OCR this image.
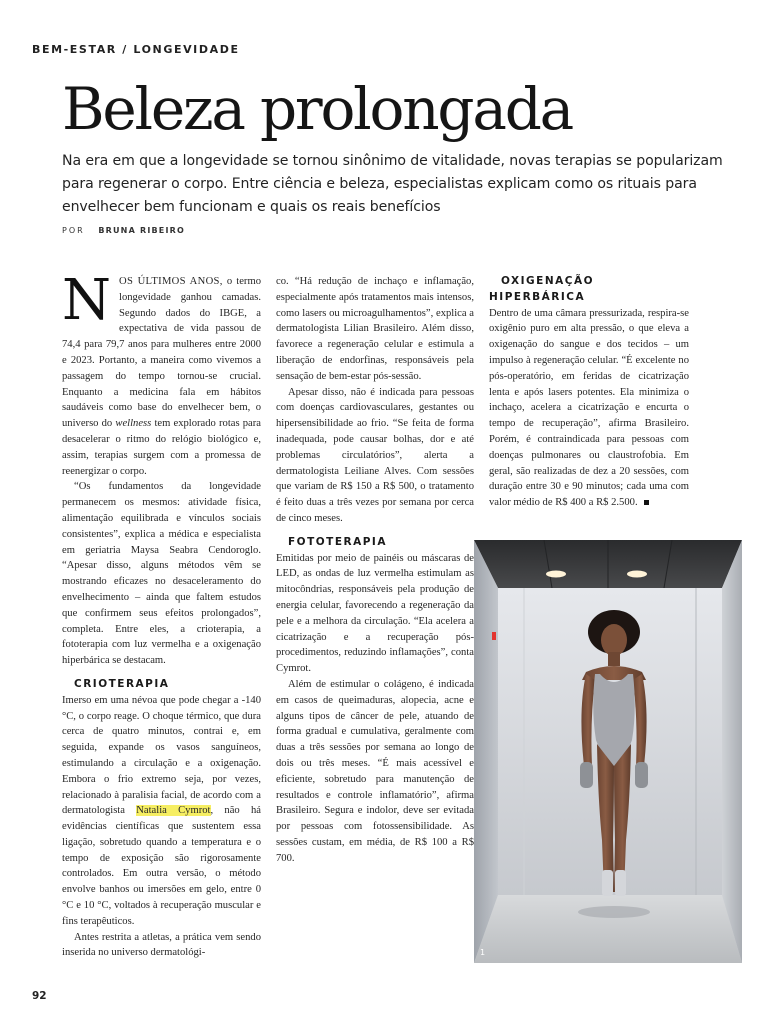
BEM-ESTAR / LONGEVIDADE
Beleza prolongada

Na era em que a longevidade se tornou sinônimo de vitalidade, novas terapias se popularizam para regenerar o corpo. Entre ciência e beleza, especialistas explicam como os rituais para envelhecer bem funcionam e quais os reais benefícios

POR BRUNA RIBEIRO

NOS ÚLTIMOS ANOS, o termo longevidade ganhou camadas. Segundo dados do IBGE, a expectativa de vida passou de 74,4 para 79,7 anos para mulheres entre 2000 e 2023. Portanto, a maneira como vivemos a passagem do tempo tornou-se crucial. Enquanto a medicina fala em hábitos saudáveis como base do envelhecer bem, o universo do wellness tem explorado rotas para desacelerar o ritmo do relógio biológico e, assim, terapias surgem com a promessa de reenergizar o corpo.

“Os fundamentos da longevidade permanecem os mesmos: atividade física, alimentação equilibrada e vínculos sociais consistentes”, explica a médica e especialista em geriatria Maysa Seabra Cendoroglo. “Apesar disso, alguns métodos vêm se mostrando eficazes no desaceleramento do envelhecimento – ainda que faltem estudos que confirmem seus efeitos prolongados”, completa. Entre eles, a crioterapia, a fototerapia com luz vermelha e a oxigenação hiperbárica se destacam.

CRIOTERAPIA

Imerso em uma névoa que pode chegar a -140 °C, o corpo reage. O choque térmico, que dura cerca de quatro minutos, contrai e, em seguida, expande os vasos sanguíneos, estimulando a circulação e a oxigenação. Embora o frio extremo seja, por vezes, relacionado à paralisia facial, de acordo com a dermatologista Natalia Cymrot, não há evidências científicas que sustentem essa ligação, sobretudo quando a temperatura e o tempo de exposição são rigorosamente controlados. Em outra versão, o método envolve banhos ou imersões em gelo, entre 0 °C e 10 °C, voltados à recuperação muscular e fins terapêuticos.

Antes restrita a atletas, a prática vem sendo inserida no universo dermatológi-

co. “Há redução de inchaço e inflamação, especialmente após tratamentos mais intensos, como lasers ou microagulhamentos”, explica a dermatologista Lilian Brasileiro. Além disso, favorece a regeneração celular e estimula a liberação de endorfinas, responsáveis pela sensação de bem-estar pós-sessão.

Apesar disso, não é indicada para pessoas com doenças cardiovasculares, gestantes ou hipersensibilidade ao frio. “Se feita de forma inadequada, pode causar bolhas, dor e até problemas circulatórios”, alerta a dermatologista Leiliane Alves. Com sessões que variam de R$ 150 a R$ 500, o tratamento é feito duas a três vezes por semana por cerca de cinco meses.

FOTOTERAPIA

Emitidas por meio de painéis ou máscaras de LED, as ondas de luz vermelha estimulam as mitocôndrias, responsáveis pela produção de energia celular, favorecendo a regeneração da pele e a melhora da circulação. “Ela acelera a cicatrização e a recuperação pós-procedimentos, reduzindo inflamações”, conta Cymrot.

Além de estimular o colágeno, é indicada em casos de queimaduras, alopecia, acne e alguns tipos de câncer de pele, atuando de forma gradual e cumulativa, geralmente com duas a três sessões por semana ao longo de dois ou três meses. “É mais acessível e eficiente, sobretudo para manutenção de resultados e controle inflamatório”, afirma Brasileiro. Segura e indolor, deve ser evitada por pessoas com fotossensibilidade. As sessões custam, em média, de R$ 100 a R$ 700.

OXIGENAÇÃO HIPERBÁRICA

Dentro de uma câmara pressurizada, respira-se oxigênio puro em alta pressão, o que eleva a oxigenação do sangue e dos tecidos – um impulso à regeneração celular. “É excelente no pós-operatório, em feridas de cicatrização lenta e após lasers potentes. Ela minimiza o inchaço, acelera a cicatrização e encurta o tempo de recuperação”, afirma Brasileiro. Porém, é contraindicada para pessoas com doenças pulmonares ou claustrofobia. Em geral, são realizadas de dez a 20 sessões, com duração entre 30 e 90 minutos; cada uma com valor médio de R$ 400 a R$ 2.500.

1
92
